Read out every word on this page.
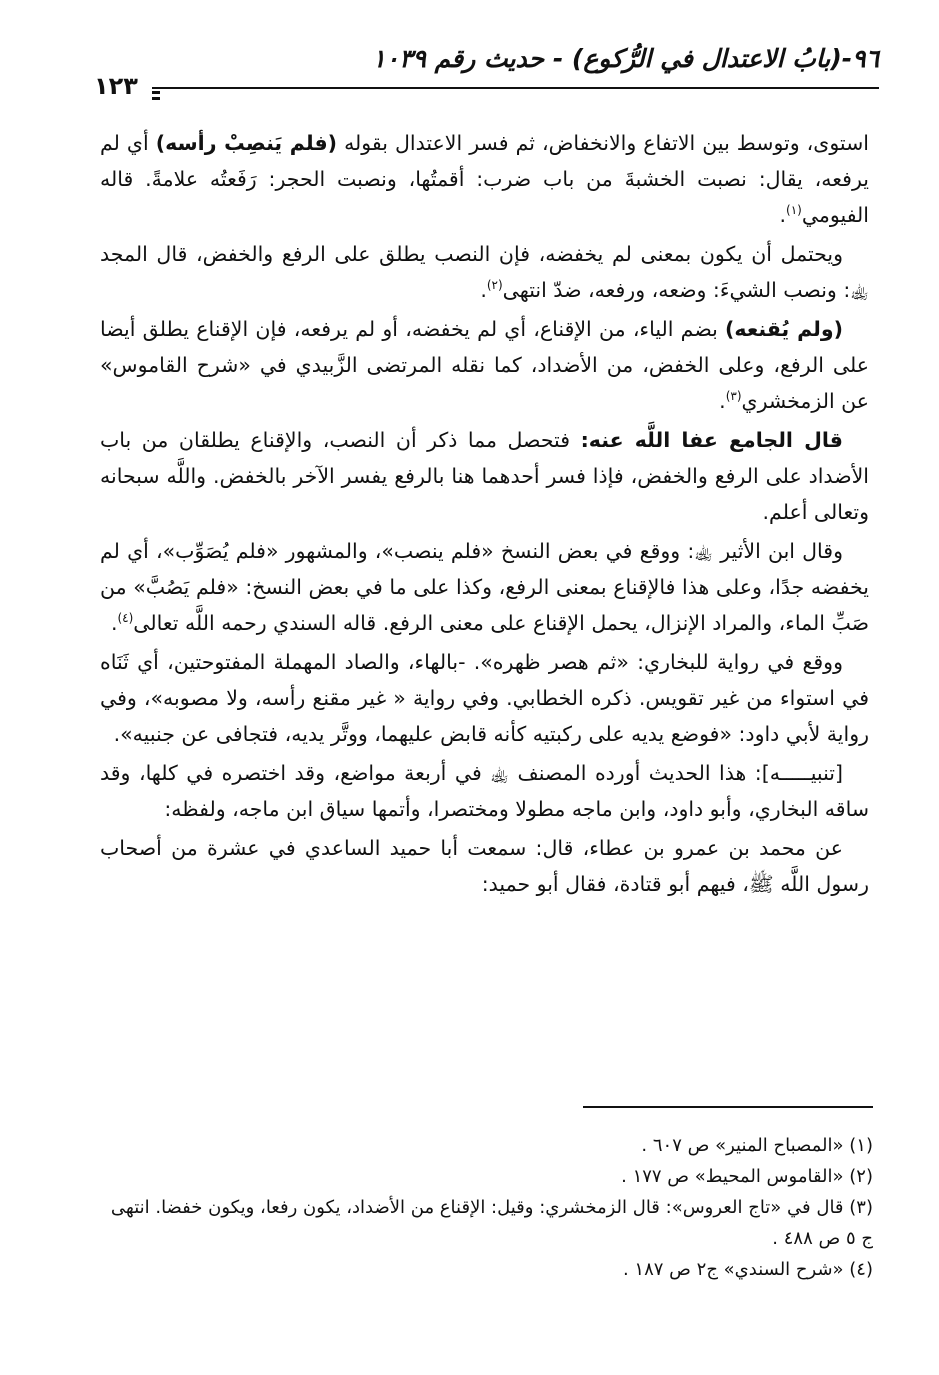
٩٦-(بابُ الاعتدال في الرُّكوع) - حديث رقم ١٠٣٩
١٢٣

استوى، وتوسط بين الاتفاع والانخفاض، ثم فسر الاعتدال بقوله (فلم يَنصِبْ رأسه) أي لم يرفعه، يقال: نصبت الخشبةَ من باب ضرب: أقمتُها، ونصبت الحجر: رَفَعتُه علامةً. قاله الفيومي$^{(١)}$.

ويحتمل أن يكون بمعنى لم يخفضه، فإن النصب يطلق على الرفع والخفض، قال المجد ﵀: ونصب الشيءَ: وضعه، ورفعه، ضدّ انتهى$^{(٢)}$.

(ولم يُقنعه) بضم الياء، من الإقناع، أي لم يخفضه، أو لم يرفعه، فإن الإقناع يطلق أيضا على الرفع، وعلى الخفض، من الأضداد، كما نقله المرتضى الزَّبيدي في «شرح القاموس» عن الزمخشري$^{(٣)}$.

قال الجامع عفا اللَّه عنه: فتحصل مما ذكر أن النصب، والإقناع يطلقان من باب الأضداد على الرفع والخفض، فإذا فسر أحدهما هنا بالرفع يفسر الآخر بالخفض. واللَّه سبحانه وتعالى أعلم.

وقال ابن الأثير ﵀: ووقع في بعض النسخ «فلم ينصب»، والمشهور «فلم يُصَوِّب»، أي لم يخفضه جدًا، وعلى هذا فالإقناع بمعنى الرفع، وكذا على ما في بعض النسخ: «فلم يَصُبَّ» من صَبِّ الماء، والمراد الإنزال، يحمل الإقناع على معنى الرفع. قاله السندي رحمه اللَّه تعالى$^{(٤)}$.

ووقع في رواية للبخاري: «ثم هصر ظهره». -بالهاء، والصاد المهملة المفتوحتين، أي ثَنَاه في استواء من غير تقويس. ذكره الخطابي. وفي رواية « غير مقنع رأسه، ولا مصوبه»، وفي رواية لأبي داود: «فوضع يديه على ركبتيه كأنه قابض عليهما، ووتَّر يديه، فتجافى عن جنبيه».

[تنبيـــــه]: هذا الحديث أورده المصنف ﵀ في أربعة مواضع، وقد اختصره في كلها، وقد ساقه البخاري، وأبو داود، وابن ماجه مطولا ومختصرا، وأتمها سياق ابن ماجه، ولفظه:

عن محمد بن عمرو بن عطاء، قال: سمعت أبا حميد الساعدي في عشرة من أصحاب رسول اللَّه ﷺ، فيهم أبو قتادة، فقال أبو حميد:

(١) «المصباح المنير» ص ٦٠٧ .

(٢) «القاموس المحيط» ص ١٧٧ .

(٣) قال في «تاج العروس»: قال الزمخشري: وقيل: الإقناع من الأضداد، يكون رفعا، ويكون خفضا. انتهى ج ٥ ص ٤٨٨ .

(٤) «شرح السندي» ج٢ ص ١٨٧ .
